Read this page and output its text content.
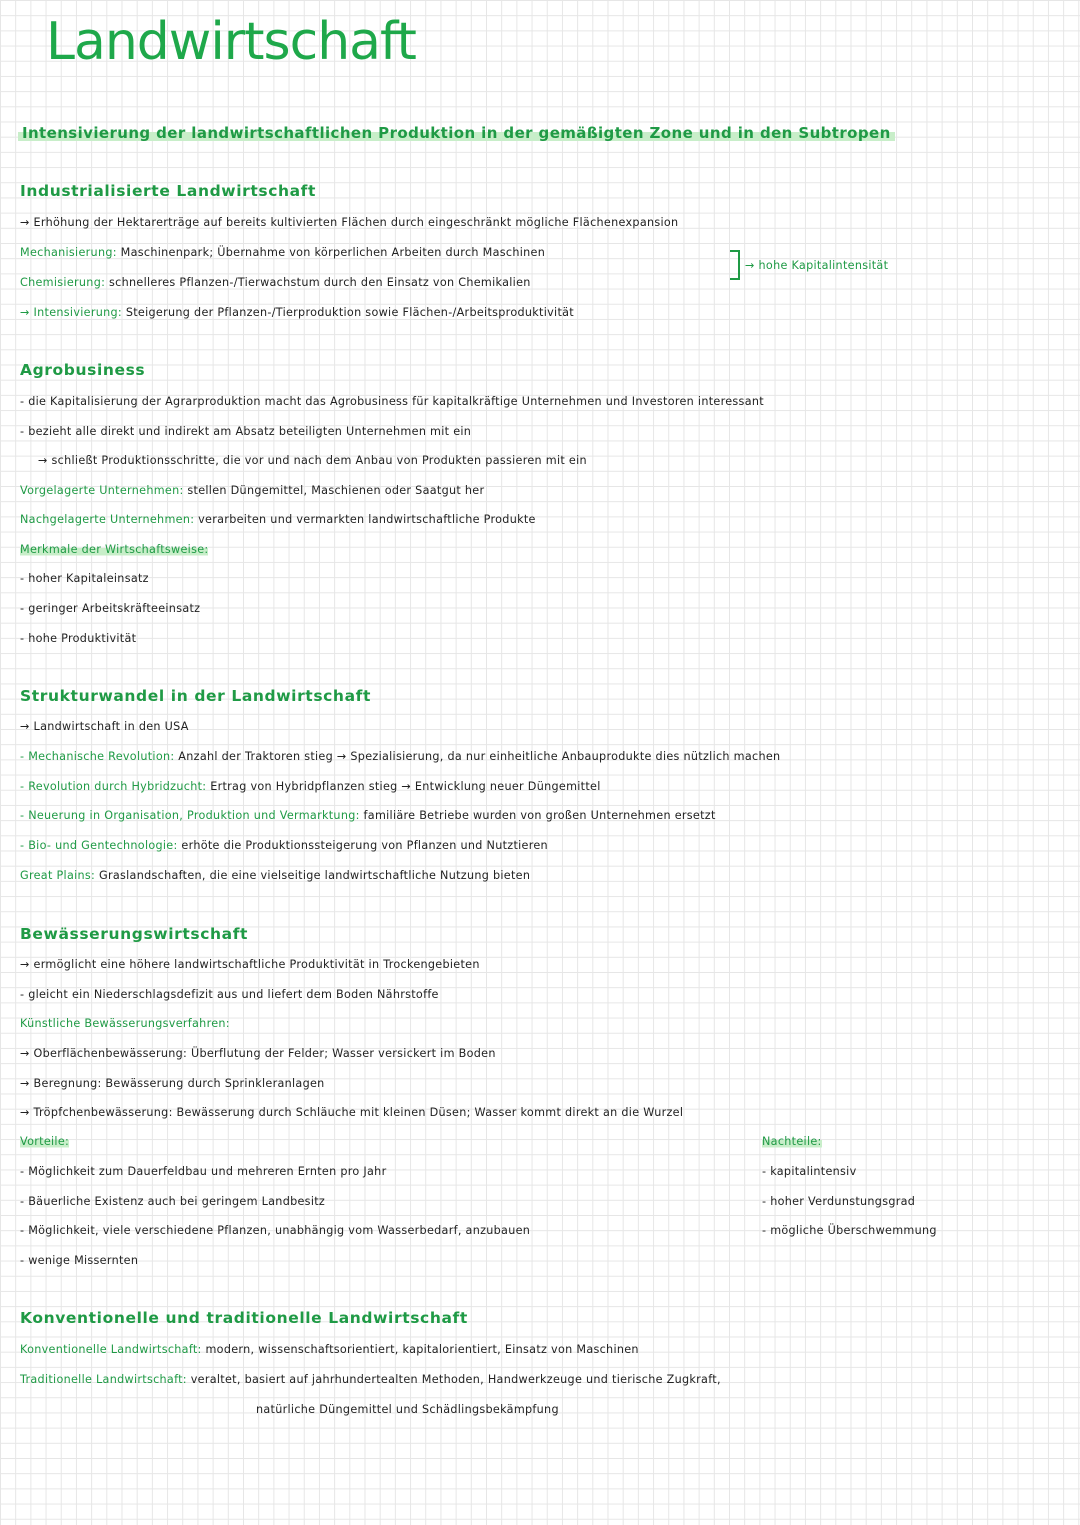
Landwirtschaft
Intensivierung der landwirtschaftlichen Produktion in der gemäßigten Zone und in den Subtropen
Industrialisierte Landwirtschaft
→ Erhöhung der Hektarerträge auf bereits kultivierten Flächen durch eingeschränkt mögliche Flächenexpansion
Mechanisierung: Maschinenpark; Übernahme von körperlichen Arbeiten durch Maschinen
Chemisierung: schnelleres Pflanzen-/Tierwachstum durch den Einsatz von Chemikalien
→ hohe Kapitalintensität
→ Intensivierung: Steigerung der Pflanzen-/Tierproduktion sowie Flächen-/Arbeitsproduktivität
Agrobusiness
- die Kapitalisierung der Agrarproduktion macht das Agrobusiness für kapitalkräftige Unternehmen und Investoren interessant
- bezieht alle direkt und indirekt am Absatz beteiligten Unternehmen mit ein
→ schließt Produktionsschritte, die vor und nach dem Anbau von Produkten passieren mit ein
Vorgelagerte Unternehmen: stellen Düngemittel, Maschienen oder Saatgut her
Nachgelagerte Unternehmen: verarbeiten und vermarkten landwirtschaftliche Produkte
Merkmale der Wirtschaftsweise:
- hoher Kapitaleinsatz
- geringer Arbeitskräfteeinsatz
- hohe Produktivität
Strukturwandel in der Landwirtschaft
→ Landwirtschaft in den USA
- Mechanische Revolution: Anzahl der Traktoren stieg → Spezialisierung, da nur einheitliche Anbauprodukte dies nützlich machen
- Revolution durch Hybridzucht: Ertrag von Hybridpflanzen stieg → Entwicklung neuer Düngemittel
- Neuerung in Organisation, Produktion und Vermarktung: familiäre Betriebe wurden von großen Unternehmen ersetzt
- Bio- und Gentechnologie: erhöte die Produktionssteigerung von Pflanzen und Nutztieren
Great Plains: Graslandschaften, die eine vielseitige landwirtschaftliche Nutzung bieten
Bewässerungswirtschaft
→ ermöglicht eine höhere landwirtschaftliche Produktivität in Trockengebieten
- gleicht ein Niederschlagsdefizit aus und liefert dem Boden Nährstoffe
Künstliche Bewässerungsverfahren:
→ Oberflächenbewässerung: Überflutung der Felder; Wasser versickert im Boden
→ Beregnung: Bewässerung durch Sprinkleranlagen
→ Tröpfchenbewässerung: Bewässerung durch Schläuche mit kleinen Düsen; Wasser kommt direkt an die Wurzel
Vorteile:
- Möglichkeit zum Dauerfeldbau und mehreren Ernten pro Jahr
- Bäuerliche Existenz auch bei geringem Landbesitz
- Möglichkeit, viele verschiedene Pflanzen, unabhängig vom Wasserbedarf, anzubauen
- wenige Missernten
Nachteile:
- kapitalintensiv
- hoher Verdunstungsgrad
- mögliche Überschwemmung
Konventionelle und traditionelle Landwirtschaft
Konventionelle Landwirtschaft: modern, wissenschaftsorientiert, kapitalorientiert, Einsatz von Maschinen
Traditionelle Landwirtschaft: veraltet, basiert auf jahrhundertealten Methoden, Handwerkzeuge und tierische Zugkraft,
natürliche Düngemittel und Schädlingsbekämpfung
